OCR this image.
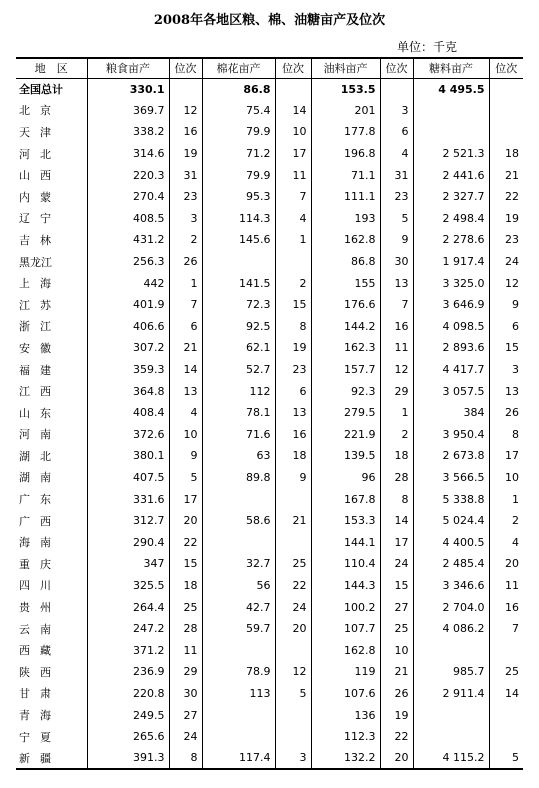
2008年各地区粮、棉、油糖亩产及位次
单位：千克
地　区	粮食亩产	位次	棉花亩产	位次	油料亩产	位次	糖料亩产	位次
全国总计	330.1		86.8		153.5		4 495.5	
北京	369.7	12	75.4	14	201	3		
天津	338.2	16	79.9	10	177.8	6		
河北	314.6	19	71.2	17	196.8	4	2 521.3	18
山西	220.3	31	79.9	11	71.1	31	2 441.6	21
内蒙	270.4	23	95.3	7	111.1	23	2 327.7	22
辽宁	408.5	3	114.3	4	193	5	2 498.4	19
吉林	431.2	2	145.6	1	162.8	9	2 278.6	23
黑龙江	256.3	26			86.8	30	1 917.4	24
上海	442	1	141.5	2	155	13	3 325.0	12
江苏	401.9	7	72.3	15	176.6	7	3 646.9	9
浙江	406.6	6	92.5	8	144.2	16	4 098.5	6
安徽	307.2	21	62.1	19	162.3	11	2 893.6	15
福建	359.3	14	52.7	23	157.7	12	4 417.7	3
江西	364.8	13	112	6	92.3	29	3 057.5	13
山东	408.4	4	78.1	13	279.5	1	384	26
河南	372.6	10	71.6	16	221.9	2	3 950.4	8
湖北	380.1	9	63	18	139.5	18	2 673.8	17
湖南	407.5	5	89.8	9	96	28	3 566.5	10
广东	331.6	17			167.8	8	5 338.8	1
广西	312.7	20	58.6	21	153.3	14	5 024.4	2
海南	290.4	22			144.1	17	4 400.5	4
重庆	347	15	32.7	25	110.4	24	2 485.4	20
四川	325.5	18	56	22	144.3	15	3 346.6	11
贵州	264.4	25	42.7	24	100.2	27	2 704.0	16
云南	247.2	28	59.7	20	107.7	25	4 086.2	7
西藏	371.2	11			162.8	10		
陕西	236.9	29	78.9	12	119	21	985.7	25
甘肃	220.8	30	113	5	107.6	26	2 911.4	14
青海	249.5	27			136	19		
宁夏	265.6	24			112.3	22		
新疆	391.3	8	117.4	3	132.2	20	4 115.2	5
